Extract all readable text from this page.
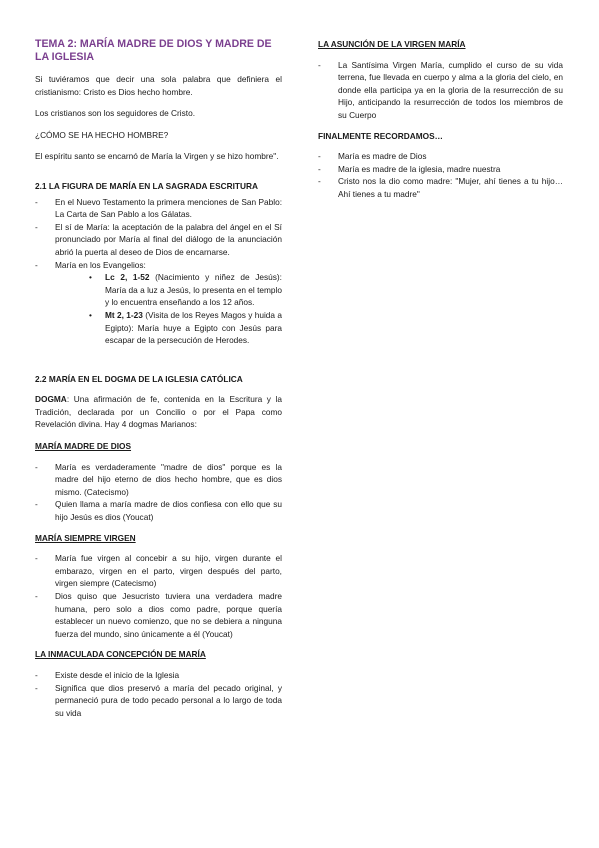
TEMA 2: MARÍA MADRE DE DIOS Y MADRE DE LA IGLESIA

Si tuviéramos que decir una sola palabra que definiera el cristianismo: Cristo es Dios hecho hombre.

Los cristianos son los seguidores de Cristo.

¿CÓMO SE HA HECHO HOMBRE?

El espíritu santo se encarnó de María la Virgen y se hizo hombre".

2.1 LA FIGURA DE MARÍA EN LA SAGRADA ESCRITURA
- En el Nuevo Testamento la primera menciones de San Pablo: La Carta de San Pablo a los Gálatas.
- El sí de María: la aceptación de la palabra del ángel en el Sí pronunciado por María al final del diálogo de la anunciación abrió la puerta al deseo de Dios de encarnarse.
- María en los Evangelios:
• Lc 2, 1-52 (Nacimiento y niñez de Jesús): María da a luz a Jesús, lo presenta en el templo y lo encuentra enseñando a los 12 años.
• Mt 2, 1-23 (Visita de los Reyes Magos y huida a Egipto): María huye a Egipto con Jesús para escapar de la persecución de Herodes.
2.2 MARÍA EN EL DOGMA DE LA IGLESIA CATÓLICA

DOGMA: Una afirmación de fe, contenida en la Escritura y la Tradición, declarada por un Concilio o por el Papa como Revelación divina. Hay 4 dogmas Marianos:

MARÍA MADRE DE DIOS
- María es verdaderamente "madre de dios" porque es la madre del hijo eterno de dios hecho hombre, que es dios mismo. (Catecismo)
- Quien llama a maría madre de dios confiesa con ello que su hijo Jesús es dios (Youcat)
MARÍA SIEMPRE VIRGEN
- María fue virgen al concebir a su hijo, virgen durante el embarazo, virgen en el parto, virgen después del parto, virgen siempre (Catecismo)
- Dios quiso que Jesucristo tuviera una verdadera madre humana, pero solo a dios como padre, porque quería establecer un nuevo comienzo, que no se debiera a ninguna fuerza del mundo, sino únicamente a él (Youcat)
LA INMACULADA CONCEPCIÓN DE MARÍA
- Existe desde el inicio de la Iglesia
- Significa que dios preservó a maría del pecado original, y permaneció pura de todo pecado personal a lo largo de toda su vida
LA ASUNCIÓN DE LA VIRGEN MARÍA
- La Santísima Virgen María, cumplido el curso de su vida terrena, fue llevada en cuerpo y alma a la gloria del cielo, en donde ella participa ya en la gloria de la resurrección de su Hijo, anticipando la resurrección de todos los miembros de su Cuerpo
FINALMENTE RECORDAMOS…
- María es madre de Dios
- María es madre de la iglesia, madre nuestra
- Cristo nos la dio como madre: "Mujer, ahí tienes a tu hijo…Ahí tienes a tu madre"
